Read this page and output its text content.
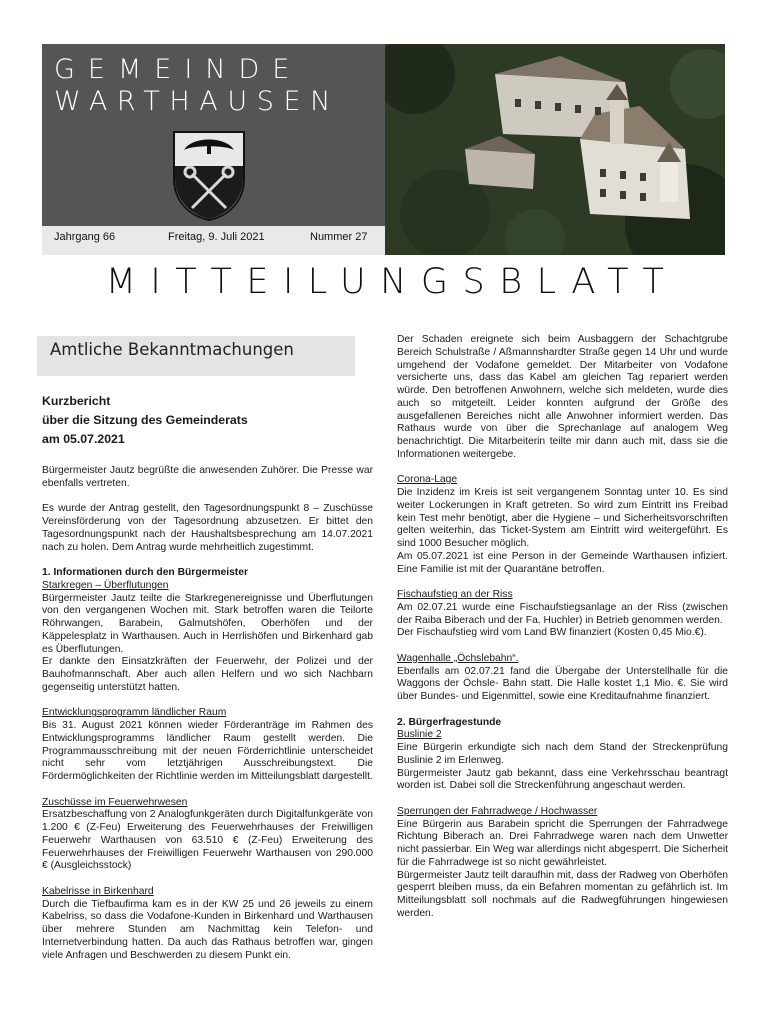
GEMEINDE
WARTHAUSEN
Jahrgang 66	Freitag, 9. Juli 2021	Nummer 27
MITTEILUNGSBLATT
Amtliche Bekanntmachungen
Kurzbericht
über die Sitzung des Gemeinderats
am 05.07.2021

Bürgermeister Jautz begrüßte die anwesenden Zuhörer. Die Presse war ebenfalls vertreten.

Es wurde der Antrag gestellt, den Tagesordnungspunkt 8 – Zuschüsse Vereinsförderung von der Tagesordnung abzusetzen. Er bittet den Tagesordnungspunkt nach der Haushaltsbesprechung am 14.07.2021 nach zu holen. Dem Antrag wurde mehrheitlich zugestimmt.

1. Informationen durch den Bürgermeister

Starkregen – Überflutungen

Bürgermeister Jautz teilte die Starkregenereignisse und Überflutungen von den vergangenen Wochen mit. Stark betroffen waren die Teilorte Röhrwangen, Barabein, Galmutshöfen, Oberhöfen und der Käppelesplatz in Warthausen. Auch in Herrlishöfen und Birkenhard gab es Überflutungen.

Er dankte den Einsatzkräften der Feuerwehr, der Polizei und der Bauhofmannschaft. Aber auch allen Helfern und wo sich Nachbarn gegenseitig unterstützt hatten.

Entwicklungsprogramm ländlicher Raum

Bis 31. August 2021 können wieder Förderanträge im Rahmen des Entwicklungsprogramms ländlicher Raum gestellt werden. Die Programmausschreibung mit der neuen Förderrichtlinie unterscheidet nicht sehr vom letztjährigen Ausschreibungstext. Die Fördermöglichkeiten der Richtlinie werden im Mitteilungsblatt dargestellt.

Zuschüsse im Feuerwehrwesen

Ersatzbeschaffung von 2 Analogfunkgeräten durch Digitalfunkgeräte von 1.200 € (Z-Feu) Erweiterung des Feuerwehrhauses der Freiwilligen Feuerwehr Warthausen von 63.510 € (Z-Feu) Erweiterung des Feuerwehrhauses der Freiwilligen Feuerwehr Warthausen von 290.000 € (Ausgleichsstock)

Kabelrisse in Birkenhard

Durch die Tiefbaufirma kam es in der KW 25 und 26 jeweils zu einem Kabelriss, so dass die Vodafone-Kunden in Birkenhard und Warthausen über mehrere Stunden am Nachmittag kein Telefon- und Internetverbindung hatten. Da auch das Rathaus betroffen war, gingen viele Anfragen und Beschwerden zu diesem Punkt ein.

Der Schaden ereignete sich beim Ausbaggern der Schachtgrube Bereich Schulstraße / Aßmannshardter Straße gegen 14 Uhr und wurde umgehend der Vodafone gemeldet. Der Mitarbeiter von Vodafone versicherte uns, dass das Kabel am gleichen Tag repariert werden würde. Den betroffenen Anwohnern, welche sich meldeten, wurde dies auch so mitgeteilt. Leider konnten aufgrund der Größe des ausgefallenen Bereiches nicht alle Anwohner informiert werden. Das Rathaus wurde von über die Sprechanlage auf analogem Weg benachrichtigt. Die Mitarbeiterin teilte mir dann auch mit, dass sie die Informationen weitergebe.

Corona-Lage

Die Inzidenz im Kreis ist seit vergangenem Sonntag unter 10. Es sind weiter Lockerungen in Kraft getreten. So wird zum Eintritt ins Freibad kein Test mehr benötigt, aber die Hygiene – und Sicherheitsvorschriften gelten weiterhin, das Ticket-System am Eintritt wird weitergeführt. Es sind 1000 Besucher möglich.

Am 05.07.2021 ist eine Person in der Gemeinde Warthausen infiziert. Eine Familie ist mit der Quarantäne betroffen.

Fischaufstieg an der Riss

Am 02.07.21 wurde eine Fischaufstiegsanlage an der Riss (zwischen der Raiba Biberach und der Fa. Huchler) in Betrieb genommen werden.

Der Fischaufstieg wird vom Land BW finanziert (Kosten 0,45 Mio.€).

Wagenhalle „Öchslebahn“.

Ebenfalls am 02.07.21 fand die Übergabe der Unterstellhalle für die Waggons der Öchsle- Bahn statt. Die Halle kostet 1,1 Mio. €. Sie wird über Bundes- und Eigenmittel, sowie eine Kreditaufnahme finanziert.

2. Bürgerfragestunde

Buslinie 2

Eine Bürgerin erkundigte sich nach dem Stand der Streckenprüfung Buslinie 2 im Erlenweg.

Bürgermeister Jautz gab bekannt, dass eine Verkehrsschau beantragt worden ist. Dabei soll die Streckenführung angeschaut werden.

Sperrungen der Fahrradwege / Hochwasser

Eine Bürgerin aus Barabein spricht die Sperrungen der Fahrradwege Richtung Biberach an. Drei Fahrradwege waren nach dem Unwetter nicht passierbar. Ein Weg war allerdings nicht abgesperrt. Die Sicherheit für die Fahrradwege ist so nicht gewährleistet.

Bürgermeister Jautz teilt daraufhin mit, dass der Radweg von Oberhöfen gesperrt bleiben muss, da ein Befahren momentan zu gefährlich ist. Im Mitteilungsblatt soll nochmals auf die Radwegführungen hingewiesen werden.
